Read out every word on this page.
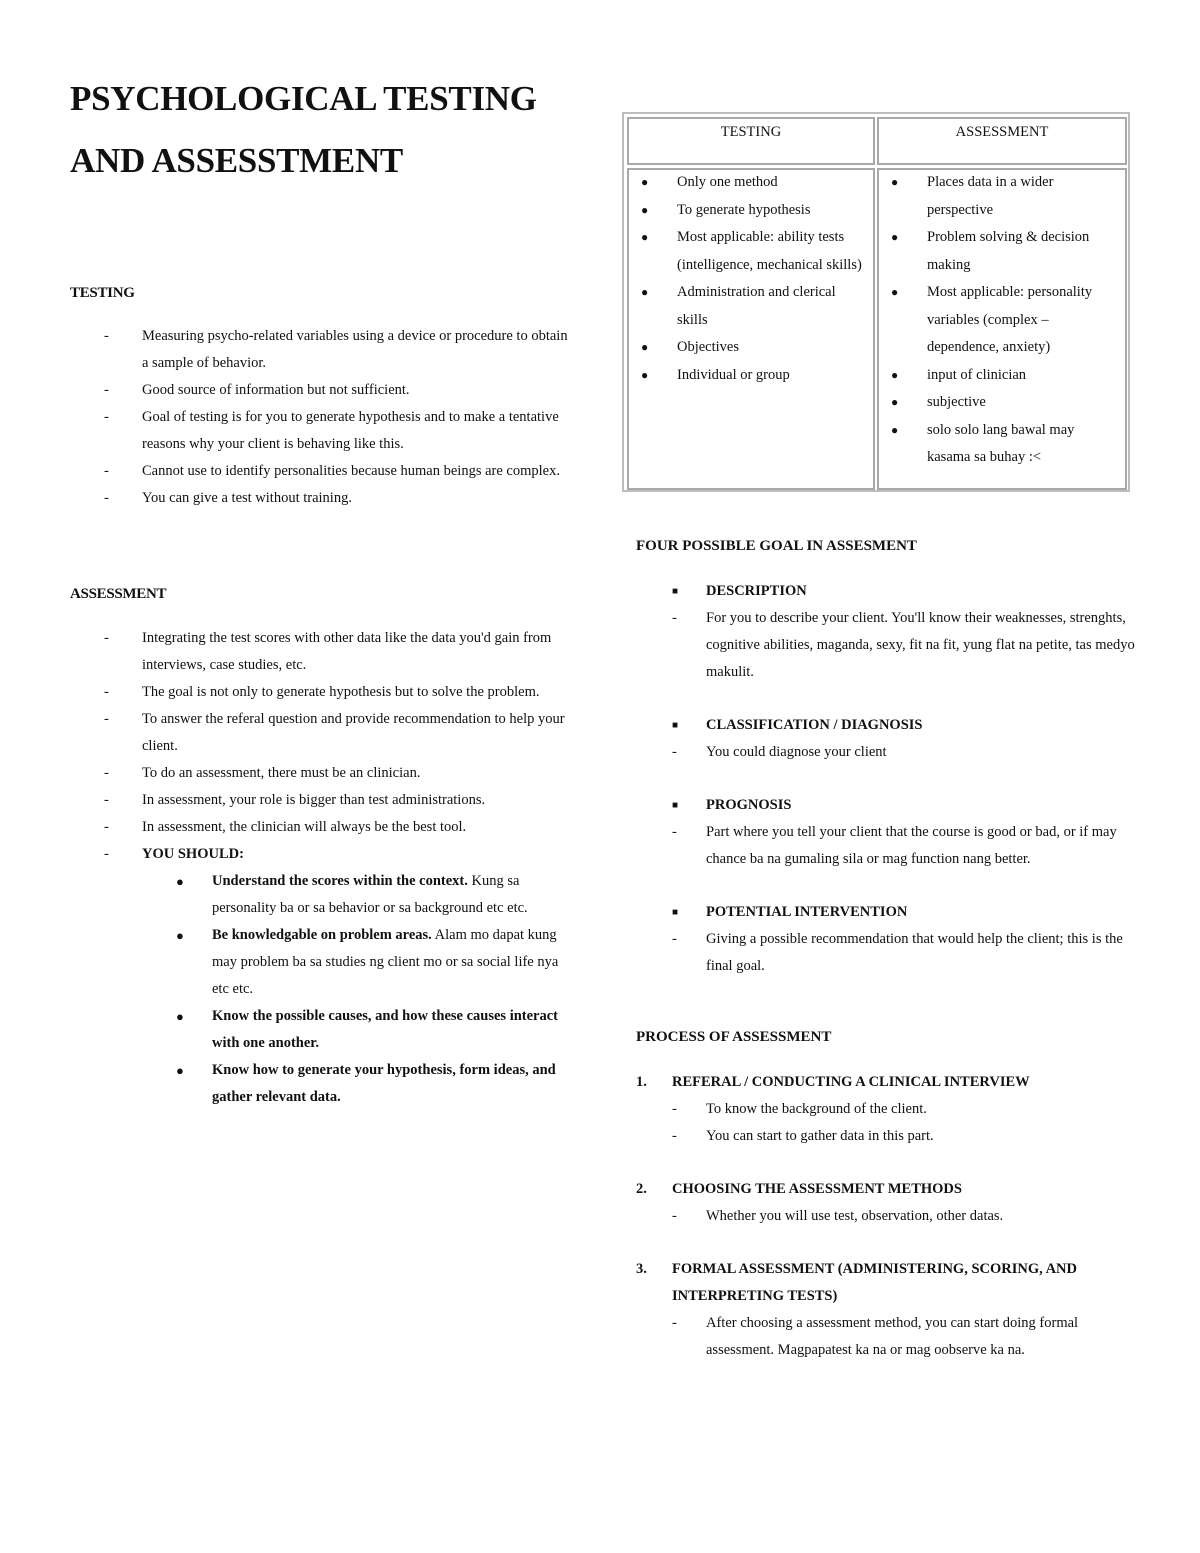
PSYCHOLOGICAL TESTING
AND ASSESSTMENT
TESTING
- Measuring psycho-related variables using a device or procedure to obtain a sample of behavior.
- Good source of information but not sufficient.
- Goal of testing is for you to generate hypothesis and to make a tentative reasons why your client is behaving like this.
- Cannot use to identify personalities because human beings are complex.
- You can give a test without training.
ASSESSMENT
- Integrating the test scores with other data like the data you'd gain from interviews, case studies, etc.
- The goal is not only to generate hypothesis but to solve the problem.
- To answer the referal question and provide recommendation to help your client.
- To do an assessment, there must be an clinician.
- In assessment, your role is bigger than test administrations.
- In assessment, the clinician will always be the best tool.
- YOU SHOULD:
● Understand the scores within the context. Kung sa personality ba or sa behavior or sa background etc etc.
● Be knowledgable on problem areas. Alam mo dapat kung may problem ba sa studies ng client mo or sa social life nya etc etc.
● Know the possible causes, and how these causes interact with one another.
● Know how to generate your hypothesis, form ideas, and gather relevant data.
TESTING	ASSESSMENT
● Only one method
● To generate hypothesis
● Most applicable: ability tests (intelligence, mechanical skills)
● Administration and clerical skills
● Objectives
● Individual or group
● Places data in a wider perspective
● Problem solving & decision making
● Most applicable: personality variables (complex – dependence, anxiety)
● input of clinician
● subjective
● solo solo lang bawal may kasama sa buhay :<
FOUR POSSIBLE GOAL IN ASSESMENT
■ DESCRIPTION
- For you to describe your client. You'll know their weaknesses, strenghts, cognitive abilities, maganda, sexy, fit na fit, yung flat na petite, tas medyo makulit.
■ CLASSIFICATION / DIAGNOSIS
- You could diagnose your client
■ PROGNOSIS
- Part where you tell your client that the course is good or bad, or if may chance ba na gumaling sila or mag function nang better.
■ POTENTIAL INTERVENTION
- Giving a possible recommendation that would help the client; this is the final goal.
PROCESS OF ASSESSMENT
1. REFERAL / CONDUCTING A CLINICAL INTERVIEW
- To know the background of the client.
- You can start to gather data in this part.
2. CHOOSING THE ASSESSMENT METHODS
- Whether you will use test, observation, other datas.
3. FORMAL ASSESSMENT (ADMINISTERING, SCORING, AND INTERPRETING TESTS)
- After choosing a assessment method, you can start doing formal assessment. Magpapatest ka na or mag oobserve ka na.
